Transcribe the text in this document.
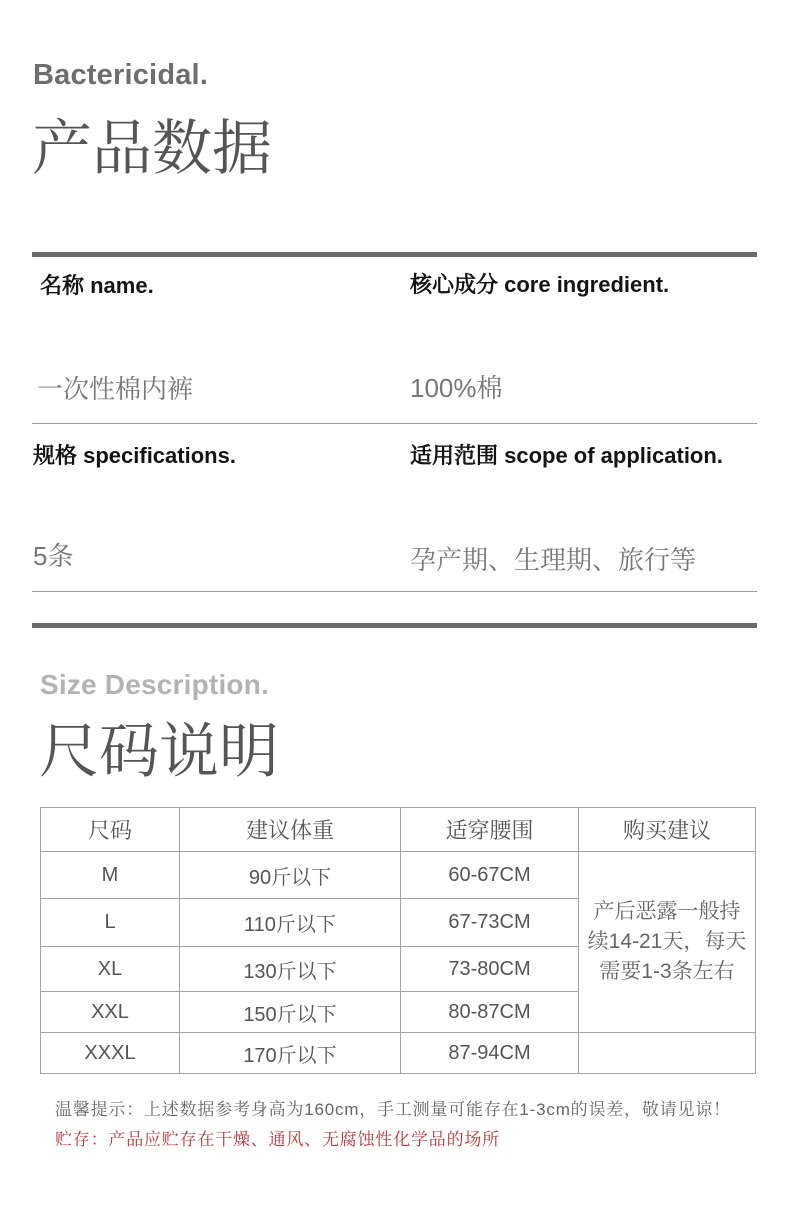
Bactericidal.
产品数据
名称 name.	核心成分 core ingredient.
一次性棉内裤	100%棉
规格 specifications.	适用范围 scope of application.
5条	孕产期、生理期、旅行等
Size Description.
尺码说明
尺码	建议体重	适穿腰围	购买建议
M	90斤以下	60-67CM	产后恶露一般持
续14-21天，每天
需要1-3条左右

L	110斤以下	67-73CM	
XL	130斤以下	73-80CM	
XXL	150斤以下	80-87CM	
XXXL	170斤以下	87-94CM	
温馨提示：上述数据参考身高为160cm，手工测量可能存在1-3cm的误差，敬请见谅！
贮存：产品应贮存在干燥、通风、无腐蚀性化学品的场所
